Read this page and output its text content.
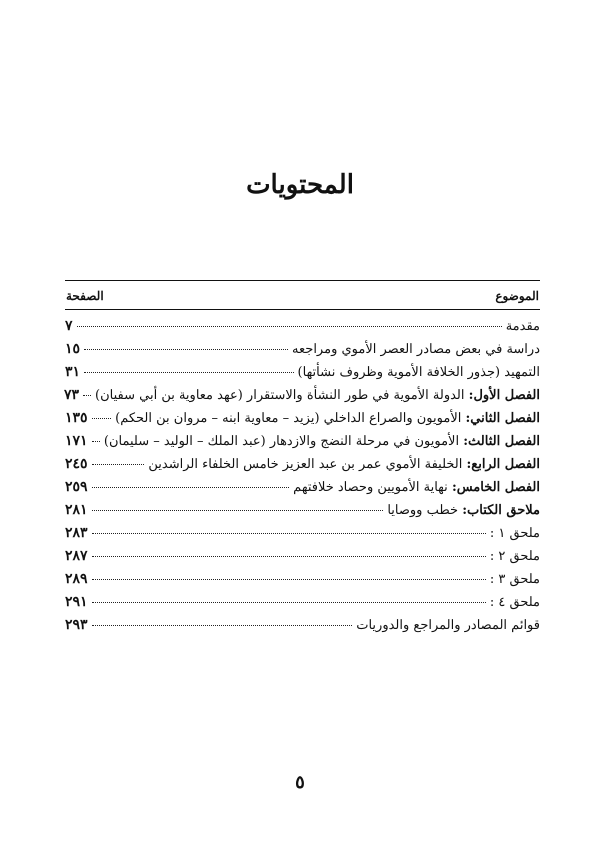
المحتويات
الموضوع
الصفحة
مقدمة
٧
دراسة في بعض مصادر العصر الأموي ومراجعه
١٥
التمهيد (جذور الخلافة الأموية وظروف نشأتها)
٣١
الفصل الأول: الدولة الأموية في طور النشأة والاستقرار (عهد معاوية بن أبي سفيان)
٧٣
الفصل الثاني: الأمويون والصراع الداخلي (يزيد – معاوية ابنه – مروان بن الحكم)
١٣٥
الفصل الثالث: الأمويون في مرحلة النضج والازدهار (عبد الملك – الوليد – سليمان)
١٧١
الفصل الرابع: الخليفة الأموي عمر بن عبد العزيز خامس الخلفاء الراشدين
٢٤٥
الفصل الخامس: نهاية الأمويين وحصاد خلافتهم
٢٥٩
ملاحق الكتاب: خطب ووصايا
٢٨١
ملحق ١ :
٢٨٣
ملحق ٢ :
٢٨٧
ملحق ٣ :
٢٨٩
ملحق ٤ :
٢٩١
قوائم المصادر والمراجع والدوريات
٢٩٣
٥
